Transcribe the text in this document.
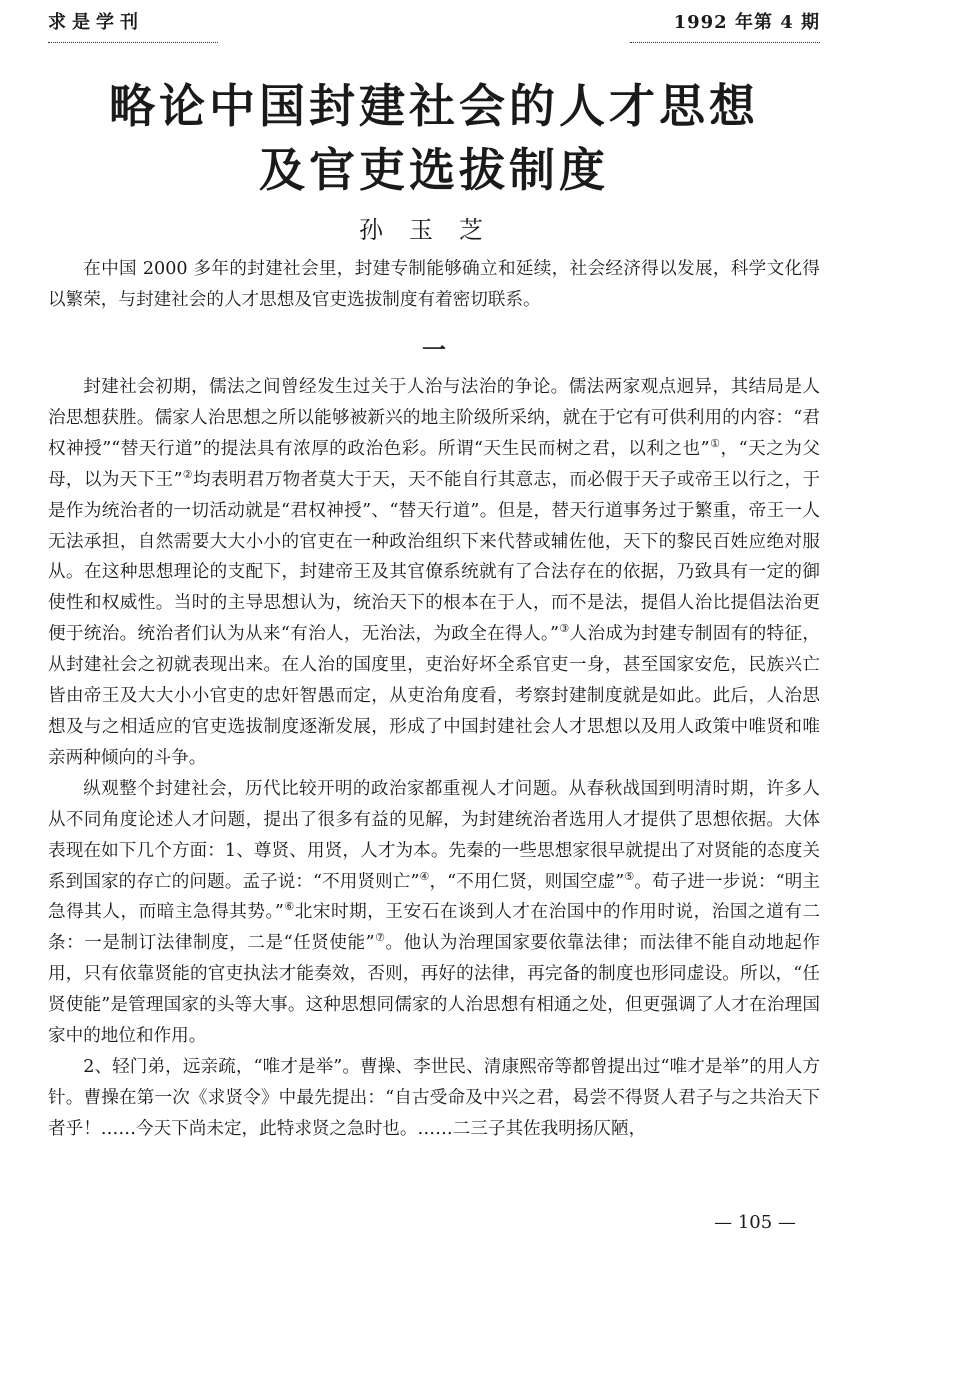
求是学刊	1992 年第 4 期
略论中国封建社会的人才思想
及官吏选拔制度
孙玉芝
在中国 2000 多年的封建社会里，封建专制能够确立和延续，社会经济得以发展，科学文化得以繁荣，与封建社会的人才思想及官吏选拔制度有着密切联系。
一

封建社会初期，儒法之间曾经发生过关于人治与法治的争论。儒法两家观点迥异，其结局是人治思想获胜。儒家人治思想之所以能够被新兴的地主阶级所采纳，就在于它有可供利用的内容：“君权神授”“替天行道”的提法具有浓厚的政治色彩。所谓“天生民而树之君，以利之也”①，“天之为父母，以为天下王”②均表明君万物者莫大于天，天不能自行其意志，而必假于天子或帝王以行之，于是作为统治者的一切活动就是“君权神授”、“替天行道”。但是，替天行道事务过于繁重，帝王一人无法承担，自然需要大大小小的官吏在一种政治组织下来代替或辅佐他，天下的黎民百姓应绝对服从。在这种思想理论的支配下，封建帝王及其官僚系统就有了合法存在的依据，乃致具有一定的御使性和权威性。当时的主导思想认为，统治天下的根本在于人，而不是法，提倡人治比提倡法治更便于统治。统治者们认为从来“有治人，无治法，为政全在得人。”③人治成为封建专制固有的特征，从封建社会之初就表现出来。在人治的国度里，吏治好坏全系官吏一身，甚至国家安危，民族兴亡皆由帝王及大大小小官吏的忠奸智愚而定，从吏治角度看，考察封建制度就是如此。此后，人治思想及与之相适应的官吏选拔制度逐渐发展，形成了中国封建社会人才思想以及用人政策中唯贤和唯亲两种倾向的斗争。

纵观整个封建社会，历代比较开明的政治家都重视人才问题。从春秋战国到明清时期，许多人从不同角度论述人才问题，提出了很多有益的见解，为封建统治者选用人才提供了思想依据。大体表现在如下几个方面：1、尊贤、用贤，人才为本。先秦的一些思想家很早就提出了对贤能的态度关系到国家的存亡的问题。孟子说：“不用贤则亡”④，“不用仁贤，则国空虚”⑤。荀子进一步说：“明主急得其人，而暗主急得其势。”⑥北宋时期，王安石在谈到人才在治国中的作用时说，治国之道有二条：一是制订法律制度，二是“任贤使能”⑦。他认为治理国家要依靠法律；而法律不能自动地起作用，只有依靠贤能的官吏执法才能奏效，否则，再好的法律，再完备的制度也形同虚设。所以，“任贤使能”是管理国家的头等大事。这种思想同儒家的人治思想有相通之处，但更强调了人才在治理国家中的地位和作用。

2、轻门弟，远亲疏，“唯才是举”。曹操、李世民、清康熙帝等都曾提出过“唯才是举”的用人方针。曹操在第一次《求贤令》中最先提出：“自古受命及中兴之君，曷尝不得贤人君子与之共治天下者乎！……今天下尚未定，此特求贤之急时也。……二三子其佐我明扬仄陋，

— 105 —
